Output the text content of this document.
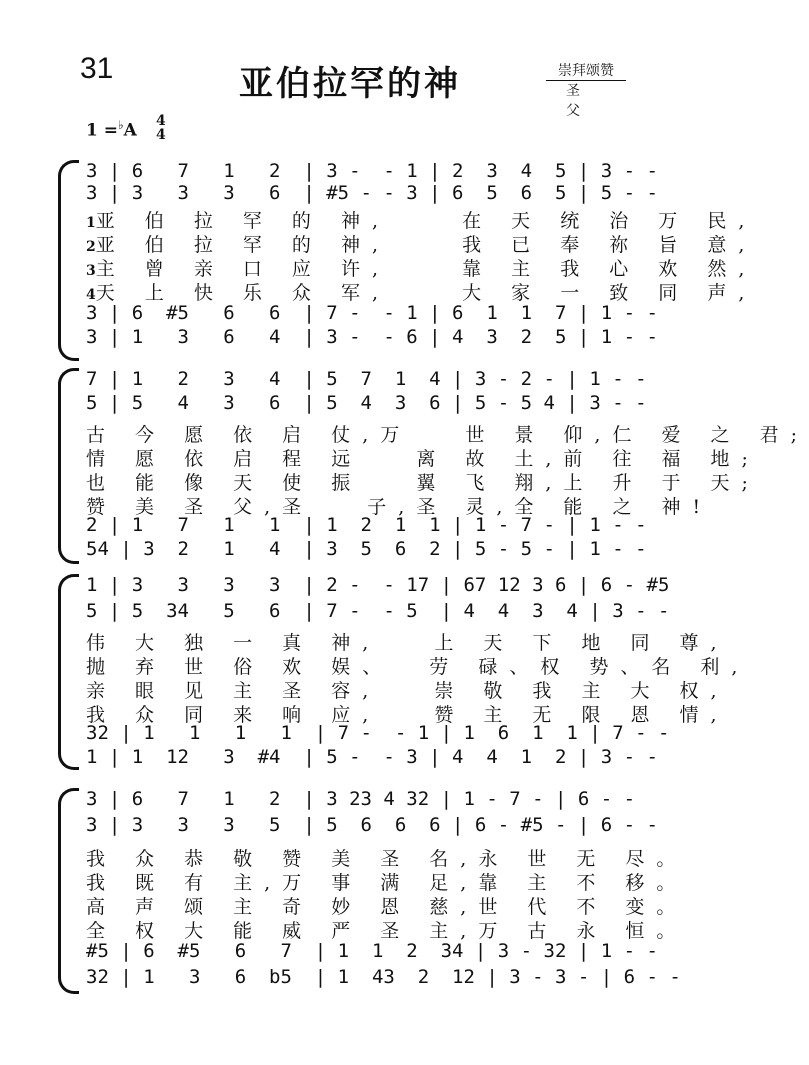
31	亚伯拉罕的神	崇拜颂赞
圣 父
1 =♭A 4
4
3 | 6   7   1   2  | 3 -  - 1 | 2  3  4  5 | 3 - -
3 | 3   3   3   6  | #5 - - 3 | 6  5  6  5 | 5 - -
1亚 伯 拉 罕 的 神,    在 天 统 治 万 民,
2亚 伯 拉 罕 的 神,    我 已 奉 祢 旨 意,
3主 曾 亲 口 应 许,    靠 主 我 心 欢 然,
4天 上 快 乐 众 军,    大 家 一 致 同 声,
3 | 6  #5   6   6  | 7 -  - 1 | 6  1  1  7 | 1 - -
3 | 1   3   6   4  | 3 -  - 6 | 4  3  2  5 | 1 - -
7 | 1   2   3   4  | 5  7  1  4 | 3 - 2 - | 1 - -
5 | 5   4   3   6  | 5  4  3  6 | 5 - 5 4 | 3 - -
古 今 愿 依 启 仗,万   世 景 仰,仁 爱 之 君;
情 愿 依 启 程 远   离 故 土,前 往 福 地;
也 能 像 天 使 振   翼 飞 翔,上 升 于 天;
赞 美 圣 父,圣   子,圣 灵,全 能 之 神!
2 | 1   7   1   1  | 1  2  1  1 | 1 - 7 - | 1 - -
54 | 3  2   1   4  | 3  5  6  2 | 5 - 5 - | 1 - -
1 | 3   3   3   3  | 2 -  - 17 | 67 12 3 6 | 6 - #5
5 | 5  34   5   6  | 7 -  - 5  | 4  4  3  4 | 3 - -
伟 大 独 一 真 神,   上 天 下 地 同 尊,
抛 弃 世 俗 欢 娱、  劳 碌、权 势、名 利,
亲 眼 见 主 圣 容,   崇 敬 我 主 大 权,
我 众 同 来 响 应,   赞 主 无 限 恩 情,
32 | 1   1   1   1  | 7 -  - 1 | 1  6  1  1 | 7 - -
1 | 1  12   3  #4  | 5 -  - 3 | 4  4  1  2 | 3 - -
3 | 6   7   1   2  | 3 23 4 32 | 1 - 7 - | 6 - -
3 | 3   3   3   5  | 5  6  6  6 | 6 - #5 - | 6 - -
我 众 恭 敬 赞 美 圣 名,永 世 无 尽。
我 既 有 主,万 事 满 足,靠 主 不 移。
高 声 颂 主 奇 妙 恩 慈,世 代 不 变。
全 权 大 能 威 严 圣 主,万 古 永 恒。
#5 | 6  #5   6   7  | 1  1  2  34 | 3 - 32 | 1 - -
32 | 1   3   6  b5  | 1  43  2  12 | 3 - 3 - | 6 - -
